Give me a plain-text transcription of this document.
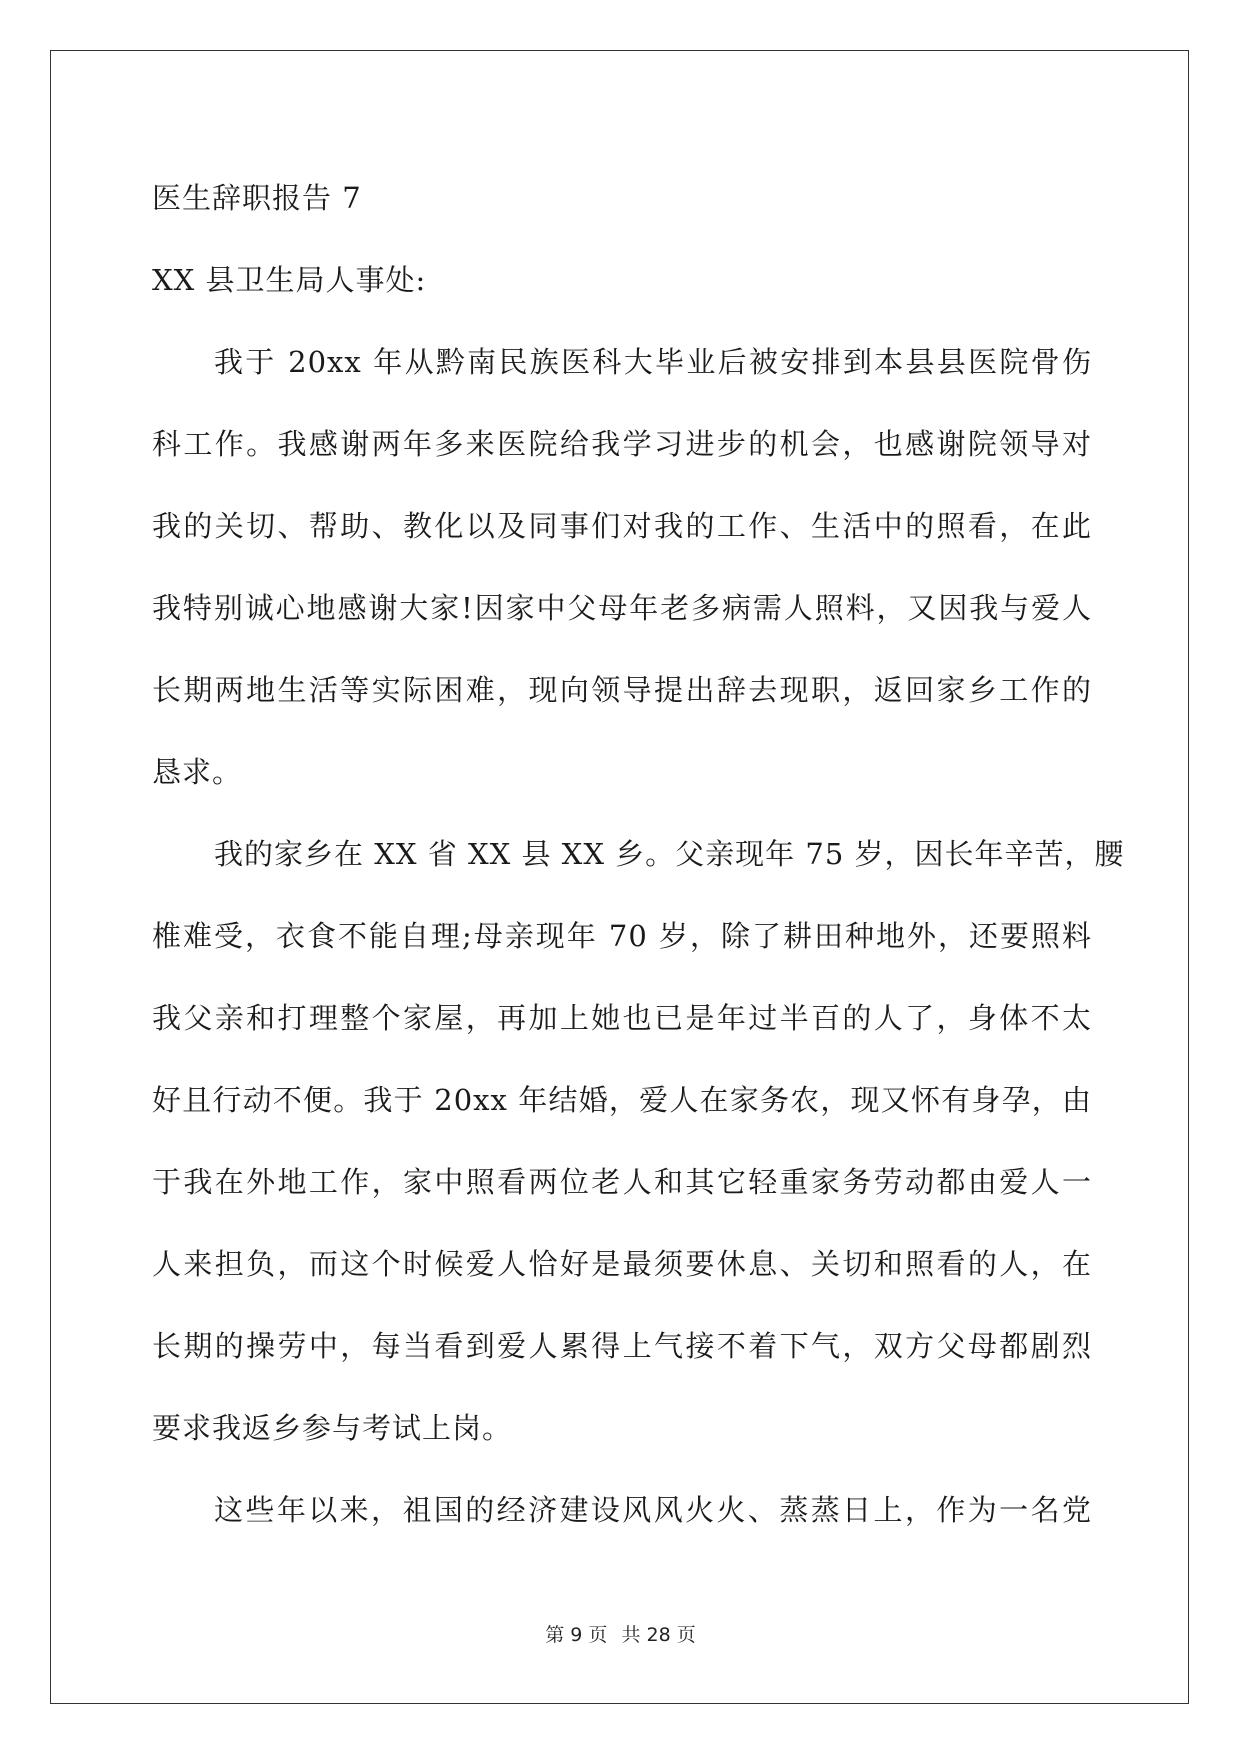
医生辞职报告 7
XX 县卫生局人事处:
我于 20xx 年从黔南民族医科大毕业后被安排到本县县医院骨伤
科工作。我感谢两年多来医院给我学习进步的机会，也感谢院领导对
我的关切、帮助、教化以及同事们对我的工作、生活中的照看，在此
我特别诚心地感谢大家!因家中父母年老多病需人照料，又因我与爱人
长期两地生活等实际困难，现向领导提出辞去现职，返回家乡工作的
恳求。
我的家乡在 XX 省 XX 县 XX 乡。父亲现年 75 岁，因长年辛苦，腰
椎难受，衣食不能自理;母亲现年 70 岁，除了耕田种地外，还要照料
我父亲和打理整个家屋，再加上她也已是年过半百的人了，身体不太
好且行动不便。我于 20xx 年结婚，爱人在家务农，现又怀有身孕，由
于我在外地工作，家中照看两位老人和其它轻重家务劳动都由爱人一
人来担负，而这个时候爱人恰好是最须要休息、关切和照看的人，在
长期的操劳中，每当看到爱人累得上气接不着下气，双方父母都剧烈
要求我返乡参与考试上岗。
这些年以来，祖国的经济建设风风火火、蒸蒸日上，作为一名党
第 9 页 共 28 页
